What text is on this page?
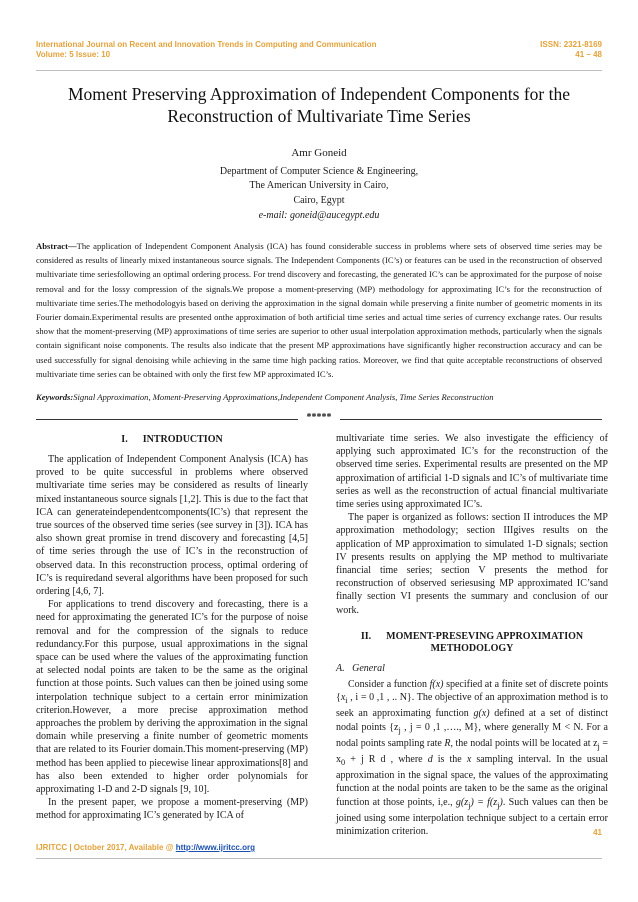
International Journal on Recent and Innovation Trends in Computing and Communication
Volume: 5 Issue: 10
ISSN: 2321-8169
41 – 48
Moment Preserving Approximation of Independent Components for the
Reconstruction of Multivariate Time Series
Amr Goneid
Department of Computer Science & Engineering,
The American University in Cairo,
Cairo, Egypt
e-mail: goneid@aucegypt.edu
Abstract—The application of Independent Component Analysis (ICA) has found considerable success in problems where sets of observed time series may be considered as results of linearly mixed instantaneous source signals. The Independent Components (IC’s) or features can be used in the reconstruction of observed multivariate time seriesfollowing an optimal ordering process. For trend discovery and forecasting, the generated IC’s can be approximated for the purpose of noise removal and for the lossy compression of the signals.We propose a moment-preserving (MP) methodology for approximating IC’s for the reconstruction of multivariate time series.The methodologyis based on deriving the approximation in the signal domain while preserving a finite number of geometric moments in its Fourier domain.Experimental results are presented onthe approximation of both artificial time series and actual time series of currency exchange rates. Our results show that the moment-preserving (MP) approximations of time series are superior to other usual interpolation approximation methods, particularly when the signals contain significant noise components. The results also indicate that the present MP approximations have significantly higher reconstruction accuracy and can be used successfully for signal denoising while achieving in the same time high packing ratios. Moreover, we find that quite acceptable reconstructions of observed multivariate time series can be obtained with only the first few MP approximated IC’s.
Keywords:Signal Approximation, Moment-Preserving Approximations,Independent Component Analysis, Time Series Reconstruction
*****
I.      INTRODUCTION

The application of Independent Component Analysis (ICA) has proved to be quite successful in problems where observed multivariate time series may be considered as results of linearly mixed instantaneous source signals [1,2]. This is due to the fact that ICA can generateindependentcomponents(IC’s) that represent the true sources of the observed time series (see survey in [3]). ICA has also shown great promise in trend discovery and forecasting [4,5] of time series through the use of IC’s in the reconstruction of observed data. In this reconstruction process, optimal ordering of IC’s is requiredand several algorithms have been proposed for such ordering [4,6, 7].

For applications to trend discovery and forecasting, there is a need for approximating the generated IC’s for the purpose of noise removal and for the compression of the signals to reduce redundancy.For this purpose, usual approximations in the signal space can be used where the values of the approximating function at selected nodal points are taken to be the same as the original function at those points. Such values can then be joined using some interpolation technique subject to a certain error minimization criterion.However, a more precise approximation method approaches the problem by deriving the approximation in the signal domain while preserving a finite number of geometric moments that are related to its Fourier domain.This moment-preserving (MP) method has been applied to piecewise linear approximations[8] and has also been extended to higher order polynomials for approximating 1-D and 2-D signals [9, 10].

In the present paper, we propose a moment-preserving (MP) method for approximating IC’s generated by ICA of

multivariate time series. We also investigate the efficiency of applying such approximated IC’s for the reconstruction of the observed time series. Experimental results are presented on the MP approximation of artificial 1-D signals and IC’s of multivariate time series as well as the reconstruction of actual financial multivariate time series using approximated IC’s.

The paper is organized as follows: section II introduces the MP approximation methodology; section IIIgives results on the application of MP approximation to simulated 1-D signals; section IV presents results on applying the MP method to multivariate financial time series; section V presents the method for reconstruction of observed seriesusing MP approximated IC’sand finally section VI presents the summary and conclusion of our work.

II.      MOMENT-PRESEVING APPROXIMATION
METHODOLOGY
A.   General

Consider a function f(x) specified at a finite set of discrete points {$x_i$ , i = 0 ,1 , .. N}. The objective of an approximation method is to seek an approximating function g(x) defined at a set of distinct nodal points {$z_j$ , j = 0 ,1 ,…., M}, where generally M < N. For a nodal points sampling rate R, the nodal points will be located at $z_j = x_0 + j$ R d , where d is the x sampling interval. In the usual approximation in the signal space, the values of the approximating function at the nodal points are taken to be the same as the original function at those points, i,e., $g(z_j) = f(z_j)$. Such values can then be joined using some interpolation technique subject to a certain error minimization criterion.	41
IJRITCC | October 2017, Available @ http://www.ijritcc.org
